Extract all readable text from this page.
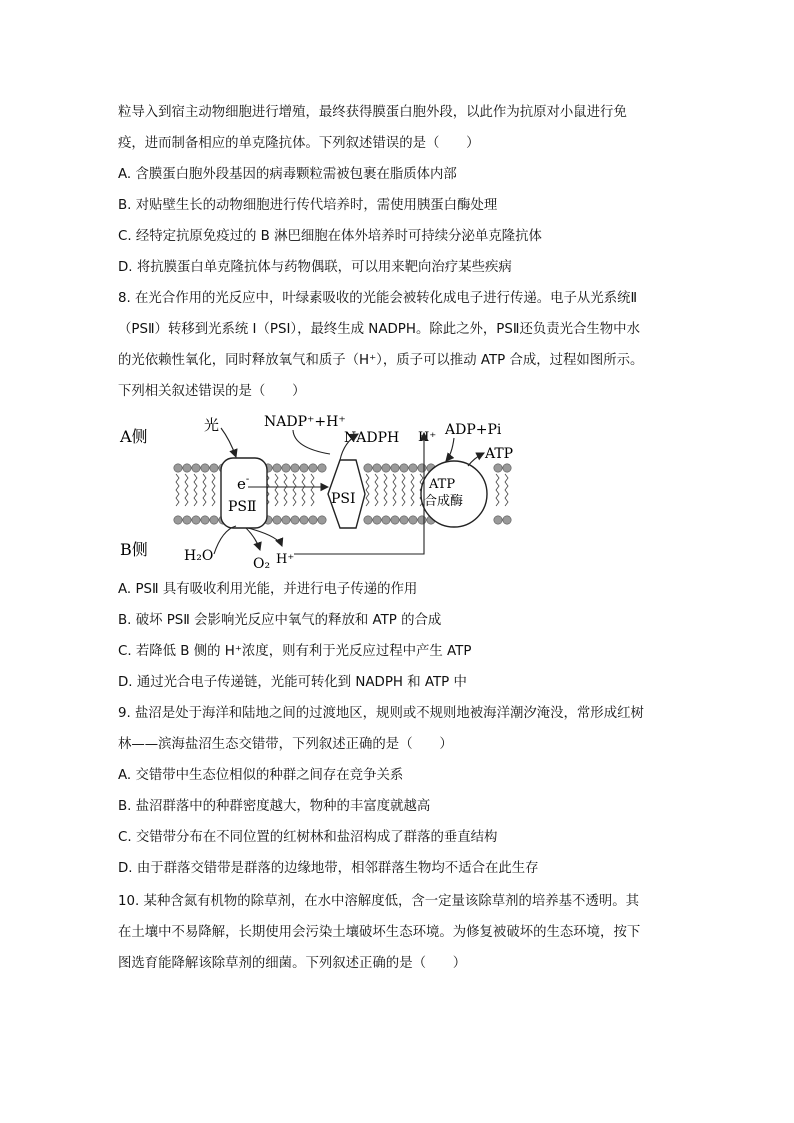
粒导入到宿主动物细胞进行增殖，最终获得膜蛋白胞外段，以此作为抗原对小鼠进行免
疫，进而制备相应的单克隆抗体。下列叙述错误的是（　　）
A. 含膜蛋白胞外段基因的病毒颗粒需被包裹在脂质体内部
B. 对贴壁生长的动物细胞进行传代培养时，需使用胰蛋白酶处理
C. 经特定抗原免疫过的 B 淋巴细胞在体外培养时可持续分泌单克隆抗体
D. 将抗膜蛋白单克隆抗体与药物偶联，可以用来靶向治疗某些疾病
8. 在光合作用的光反应中，叶绿素吸收的光能会被转化成电子进行传递。电子从光系统Ⅱ
（PSⅡ）转移到光系统 I（PSI），最终生成 NADPH。除此之外，PSⅡ还负责光合生物中水
的光依赖性氧化，同时释放氧气和质子（H⁺），质子可以推动 ATP 合成，过程如图所示。
下列相关叙述错误的是（　　）
A侧
B侧
光	NADP⁺+H⁺
NADPH H⁺ ADP+Pi
ATP
e-
PSⅡ	PSⅠ
ATP
合成酶
H₂O	O₂ H⁺
A. PSⅡ 具有吸收利用光能，并进行电子传递的作用
B. 破坏 PSⅡ 会影响光反应中氧气的释放和 ATP 的合成
C. 若降低 B 侧的 H⁺浓度，则有利于光反应过程中产生 ATP
D. 通过光合电子传递链，光能可转化到 NADPH 和 ATP 中
9. 盐沼是处于海洋和陆地之间的过渡地区，规则或不规则地被海洋潮汐淹没，常形成红树
林——滨海盐沼生态交错带，下列叙述正确的是（　　）
A. 交错带中生态位相似的种群之间存在竞争关系
B. 盐沼群落中的种群密度越大，物种的丰富度就越高
C. 交错带分布在不同位置的红树林和盐沼构成了群落的垂直结构
D. 由于群落交错带是群落的边缘地带，相邻群落生物均不适合在此生存
10. 某种含氮有机物的除草剂，在水中溶解度低，含一定量该除草剂的培养基不透明。其
在土壤中不易降解，长期使用会污染土壤破坏生态环境。为修复被破坏的生态环境，按下
图选育能降解该除草剂的细菌。下列叙述正确的是（　　）
